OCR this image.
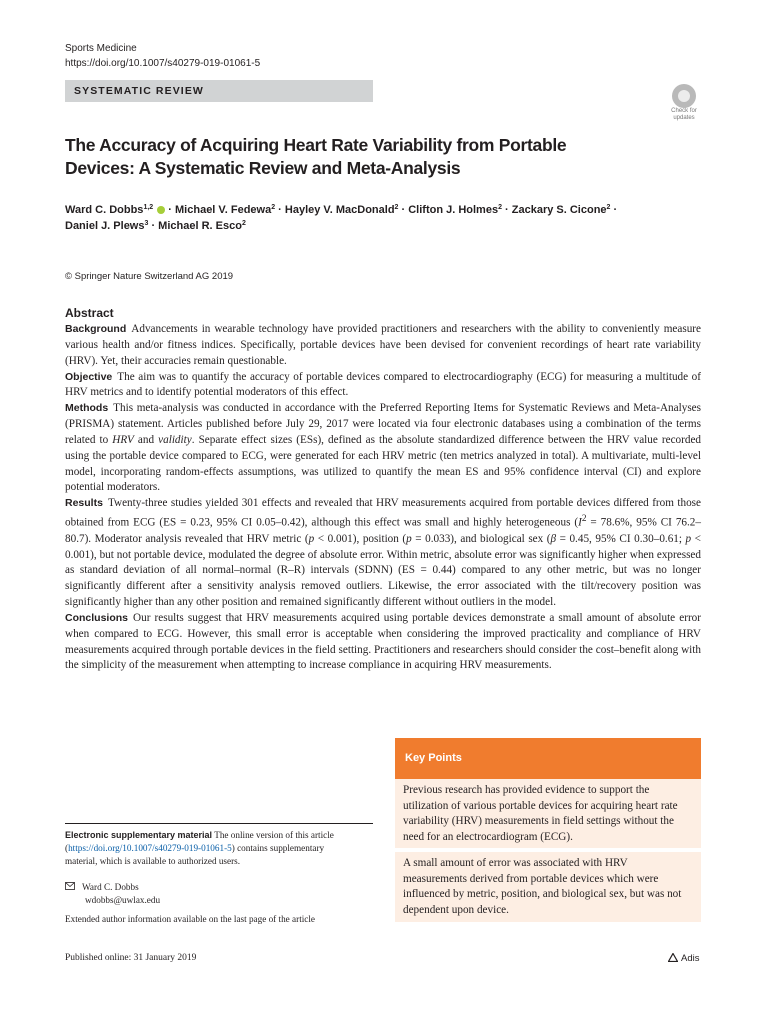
Sports Medicine
https://doi.org/10.1007/s40279-019-01061-5
SYSTEMATIC REVIEW
Check for
updates
The Accuracy of Acquiring Heart Rate Variability from Portable Devices: A Systematic Review and Meta-Analysis
Ward C. Dobbs$^{1,2}$  · Michael V. Fedewa$^2$ · Hayley V. MacDonald$^2$ · Clifton J. Holmes$^2$ · Zackary S. Cicone$^2$ ·
Daniel J. Plews$^3$ · Michael R. Esco$^2$
© Springer Nature Switzerland AG 2019
Abstract

Background Advancements in wearable technology have provided practitioners and researchers with the ability to conveniently measure various health and/or fitness indices. Specifically, portable devices have been devised for convenient recordings of heart rate variability (HRV). Yet, their accuracies remain questionable.

Objective The aim was to quantify the accuracy of portable devices compared to electrocardiography (ECG) for measuring a multitude of HRV metrics and to identify potential moderators of this effect.

Methods This meta-analysis was conducted in accordance with the Preferred Reporting Items for Systematic Reviews and Meta-Analyses (PRISMA) statement. Articles published before July 29, 2017 were located via four electronic databases using a combination of the terms related to HRV and validity. Separate effect sizes (ESs), defined as the absolute standardized difference between the HRV value recorded using the portable device compared to ECG, were generated for each HRV metric (ten metrics analyzed in total). A multivariate, multi-level model, incorporating random-effects assumptions, was utilized to quantify the mean ES and 95% confidence interval (CI) and explore potential moderators.

Results Twenty-three studies yielded 301 effects and revealed that HRV measurements acquired from portable devices differed from those obtained from ECG (ES = 0.23, 95% CI 0.05–0.42), although this effect was small and highly heterogeneous ($I^2 = 78.6\%$, 95% CI 76.2–80.7). Moderator analysis revealed that HRV metric (p < 0.001), position (p = 0.033), and biological sex (β = 0.45, 95% CI 0.30–0.61; p < 0.001), but not portable device, modulated the degree of absolute error. Within metric, absolute error was significantly higher when expressed as standard deviation of all normal–normal (R–R) intervals (SDNN) (ES = 0.44) compared to any other metric, but was no longer significantly different after a sensitivity analysis removed outliers. Likewise, the error associated with the tilt/recovery position was significantly higher than any other position and remained significantly different without outliers in the model.

Conclusions Our results suggest that HRV measurements acquired using portable devices demonstrate a small amount of absolute error when compared to ECG. However, this small error is acceptable when considering the improved practicality and compliance of HRV measurements acquired through portable devices in the field setting. Practitioners and researchers should consider the cost–benefit along with the simplicity of the measurement when attempting to increase compliance in acquiring HRV measurements.

Key Points
Previous research has provided evidence to support the utilization of various portable devices for acquiring heart rate variability (HRV) measurements in field settings without the need for an electrocardiogram (ECG).
A small amount of error was associated with HRV measurements derived from portable devices which were influenced by metric, position, and biological sex, but was not dependent upon device.
Electronic supplementary material The online version of this article (https://doi.org/10.1007/s40279-019-01061-5) contains supplementary material, which is available to authorized users.
Ward C. Dobbs
wdobbs@uwlax.edu
Extended author information available on the last page of the article
Published online: 31 January 2019	Adis
